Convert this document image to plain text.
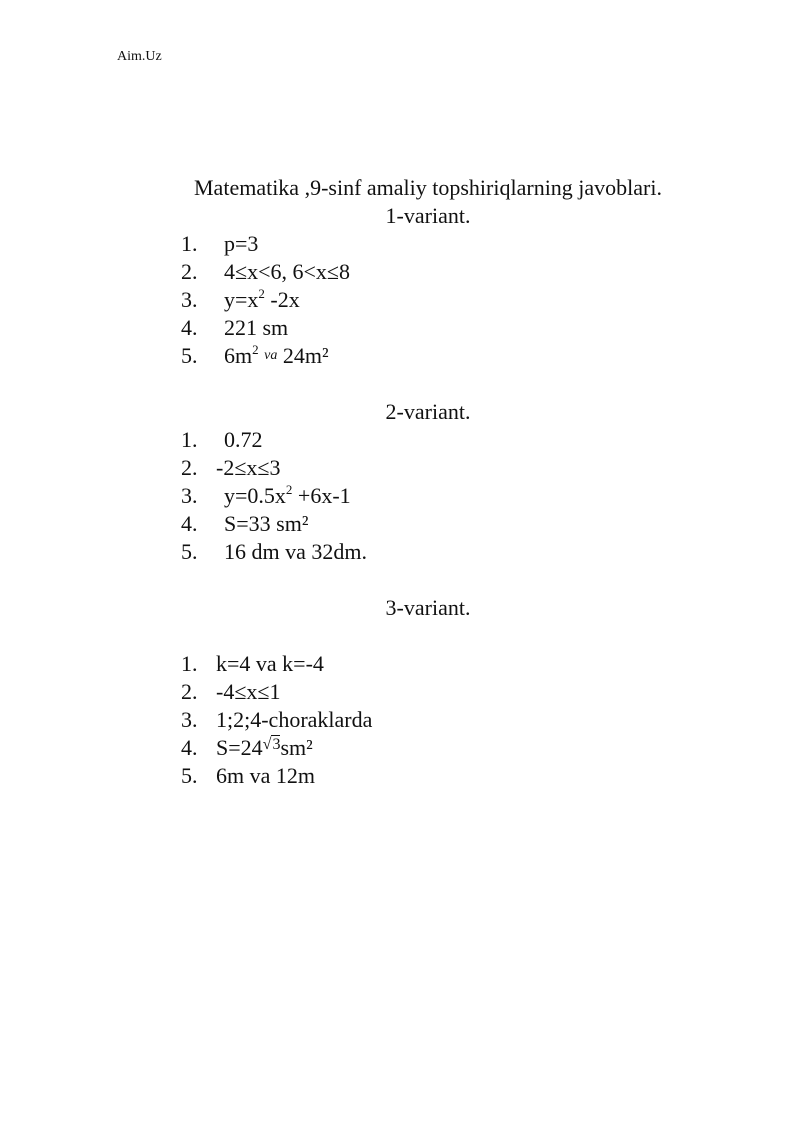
Aim.Uz
Matematika ,9-sinf amaliy topshiriqlarning javoblari.
1-variant.
1. p=3
2. 4≤x<6, 6<x≤8
3. $y=x^2$ -2x
4. 221 sm
5. $6m^2$ va 24m²
2-variant.
1. 0.72
2. -2≤x≤3
3. $y=0.5x^2 +6x-1$
4. S=33 sm²
5. 16 dm va 32dm.
3-variant.
1. k=4 va k=-4
2. -4≤x≤1
3. 1;2;4-choraklarda
4. S=24√3sm²
5. 6m va 12m
